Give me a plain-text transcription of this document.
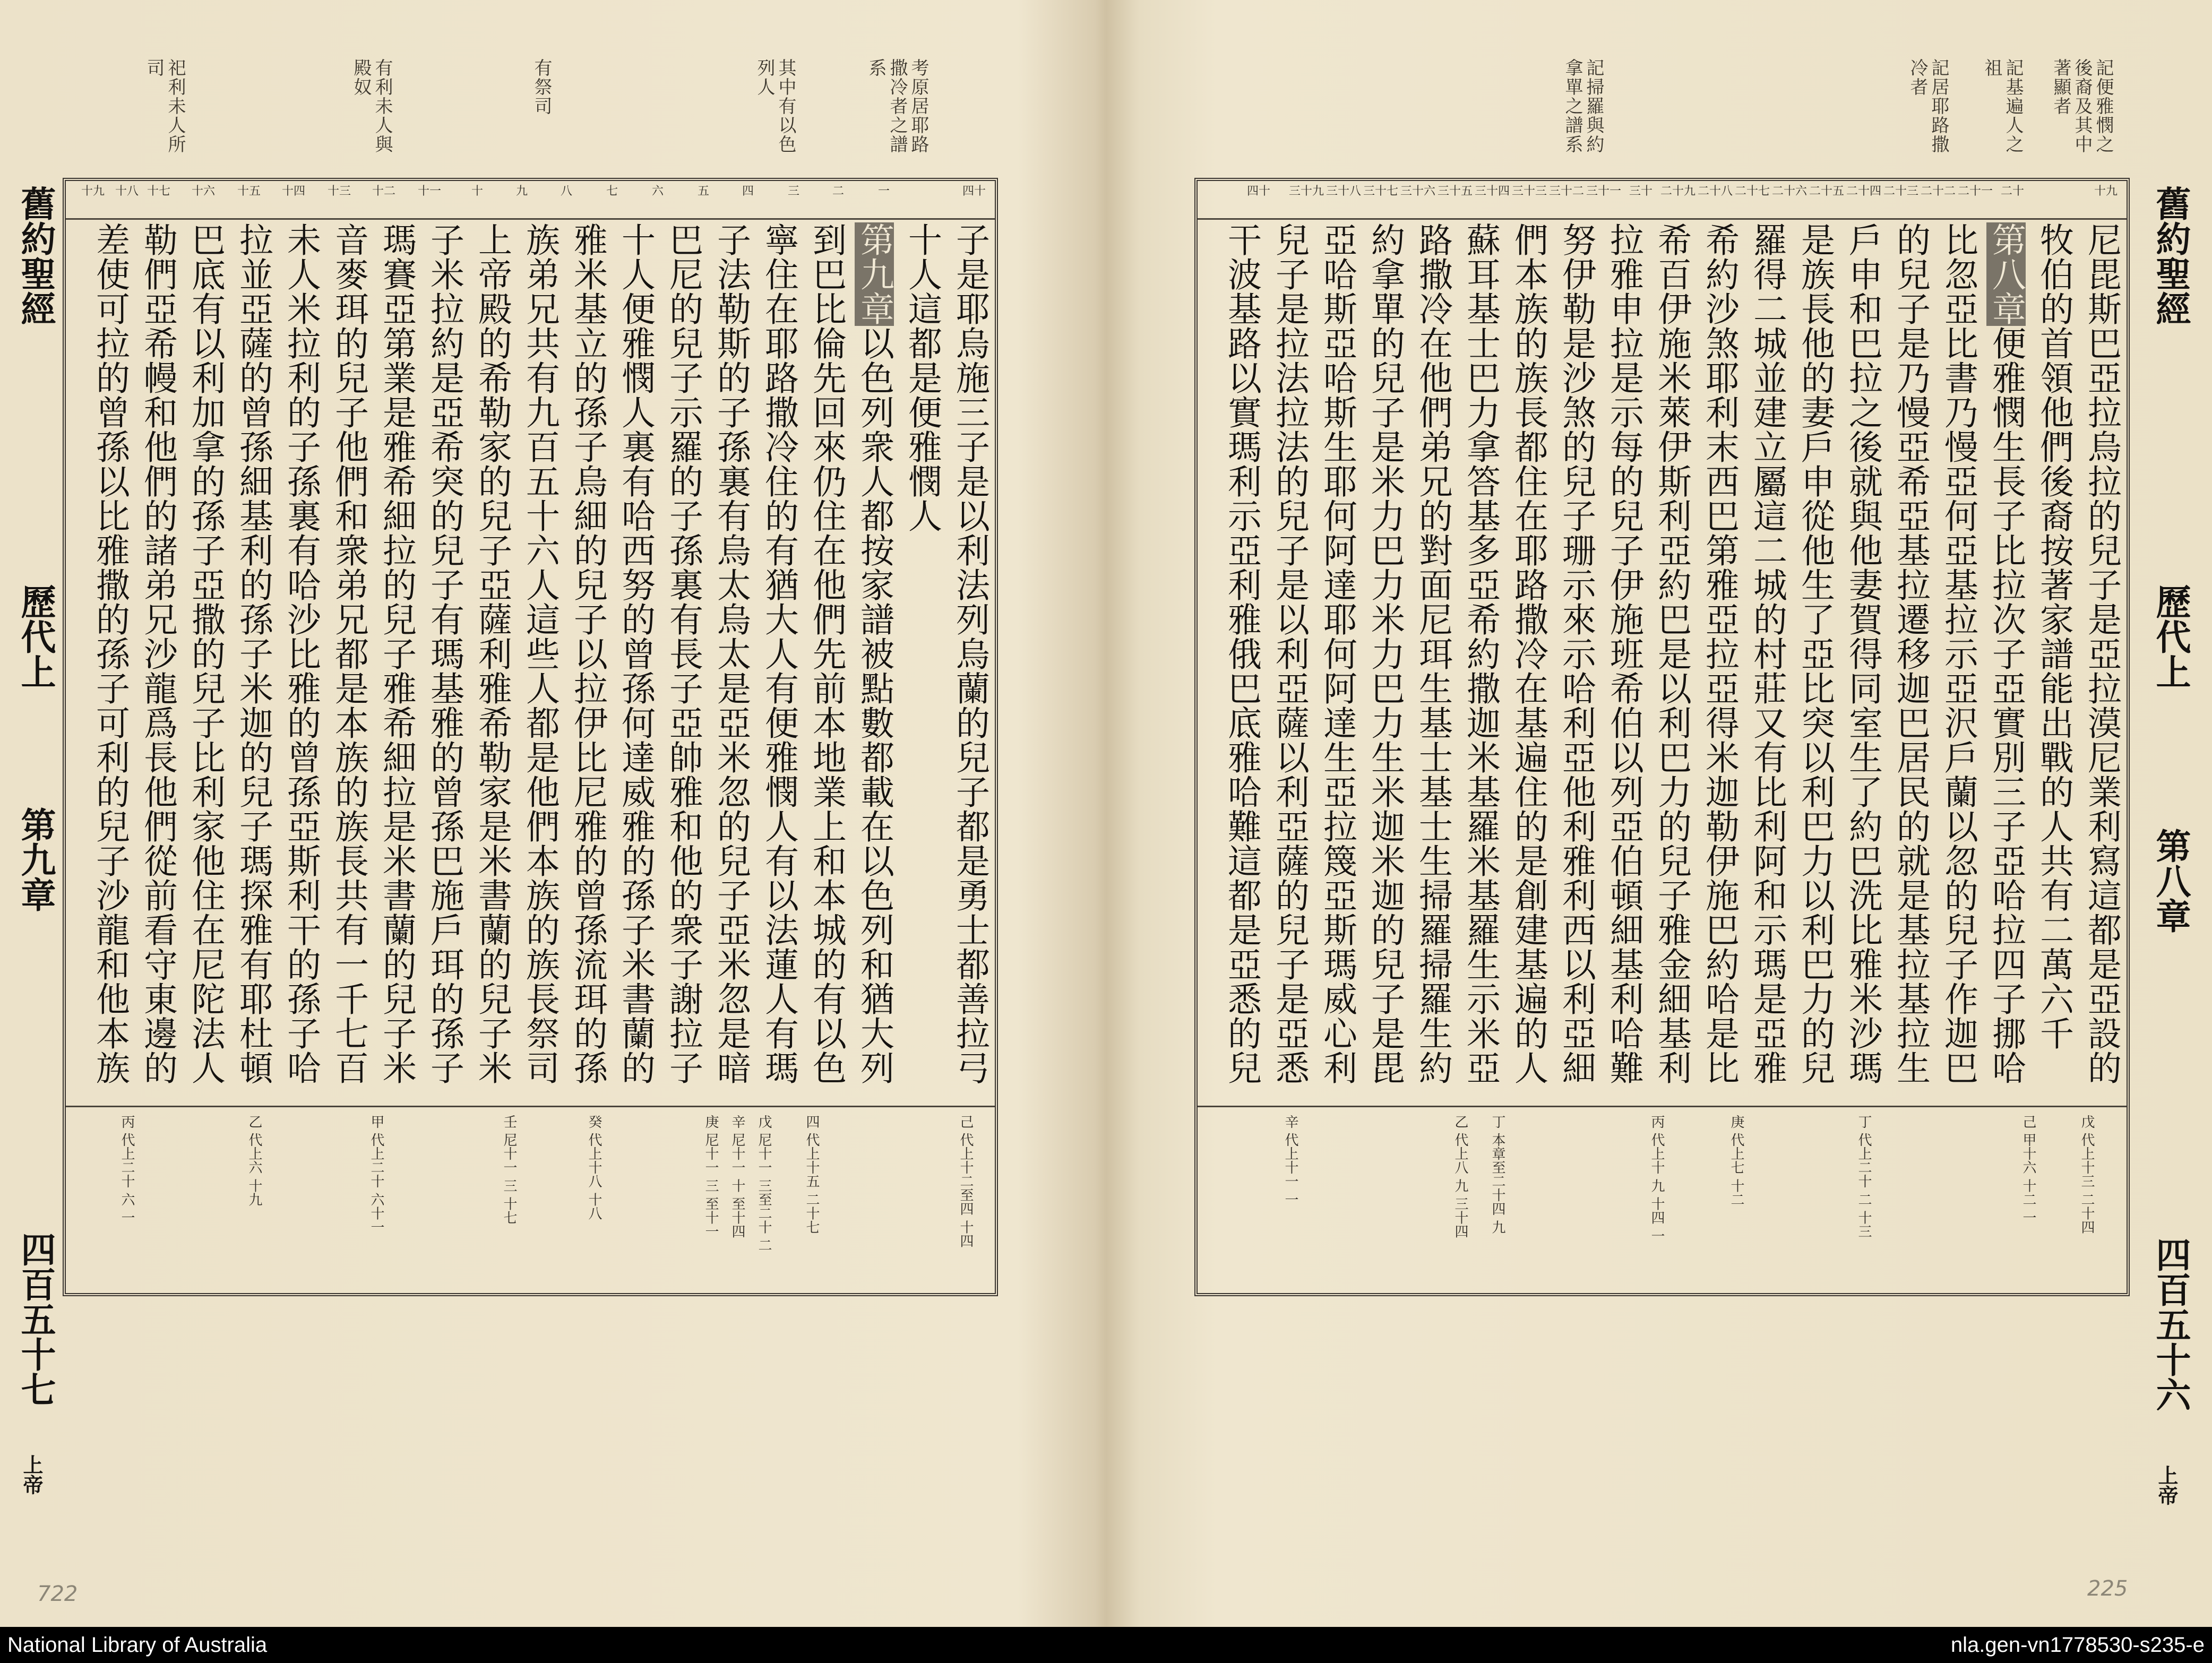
祀利未人所司	有利未人與殿奴	有祭司	其中有以色列人	考原居耶路撒冷者之譜系
四十
一
二
三
四
五
六
七
八
九
十
十一
十二
十三
十四
十五
十六
十七
十八
十九
子是耶烏施三子是以利法列烏蘭的兒子都是勇士都善拉弓
十人這都是便雅憫人
第九章以色列衆人都按家譜被點數都載在以色列和猶大列
到巴比倫先回來仍住在他們先前本地業上和本城的有以色
寧住在耶路撒冷住的有猶大人有便雅憫人有以法蓮人有瑪
子法勒斯的子孫裏有烏太烏太是亞米忽的兒子亞米忽是暗
巴尼的兒子示羅的子孫裏有長子亞帥雅和他的衆子謝拉子
十人便雅憫人裏有哈西努的曾孫何達威雅的孫子米書蘭的
雅米基立的孫子烏細的兒子以拉伊比尼雅的曾孫流珥的孫
族弟兄共有九百五十六人這些人都是他們本族的族長祭司
上帝殿的希勒家的兒子亞薩利雅希勒家是米書蘭的兒子米
子米拉約是亞希突的兒子有瑪基雅的曾孫巴施戶珥的孫子
瑪賽亞第業是雅希細拉的兒子雅希細拉是米書蘭的兒子米
音麥珥的兒子他們和衆弟兄都是本族的族長共有一千七百
未人米拉利的子孫裏有哈沙比雅的曾孫亞斯利干的孫子哈
拉並亞薩的曾孫細基利的孫子米迦的兒子瑪探雅有耶杜頓
巴底有以利加拿的孫子亞撒的兒子比利家他住在尼陀法人
勒們亞希幔和他們的諸弟兄沙龍爲長他們從前看守東邊的
差使可拉的曾孫以比雅撒的孫子可利的兒子沙龍和他本族
己 代上十二至四 十四
四 代上十五 二十七
戊 尼十一 三至二十 二
辛 尼十一 十 至十四
庚 尼十一 三 至十一
癸 代上十八 十八
壬 尼十一 三 十七
甲 代上二十 六十一
乙 代上六 十九
丙 代上二十 六 一
舊約聖經
歷代上
第九章
四百五十七
上帝
722
記掃羅與約拿單之譜系	記居耶路撒冷者	記基遍人之祖	記便雅憫之後裔及其中著顯者
十九
二十
二十一
二十二
二十三
二十四
二十五
二十六
二十七
二十八
二十九
三十
三十一
三十二
三十三
三十四
三十五
三十六
三十七
三十八
三十九
四十
尼毘斯巴亞拉烏拉的兒子是亞拉漠尼業利寫這都是亞設的
牧伯的首領他們後裔按著家譜能出戰的人共有二萬六千
第八章便雅憫生長子比拉次子亞實別三子亞哈拉四子挪哈
比忽亞比書乃慢亞何亞基拉示亞沢戶蘭以忽的兒子作迦巴
的兒子是乃慢亞希亞基拉遷移迦巴居民的就是基拉基拉生
戶申和巴拉之後就與他妻賀得同室生了約巴洗比雅米沙瑪
是族長他的妻戶申從他生了亞比突以利巴力以利巴力的兒
羅得二城並建立屬這二城的村莊又有比利阿和示瑪是亞雅
希約沙煞耶利末西巴第雅亞拉亞得米迦勒伊施巴約哈是比
希百伊施米萊伊斯利亞約巴是以利巴力的兒子雅金細基利
拉雅申拉是示每的兒子伊施班希伯以列亞伯頓細基利哈難
努伊勒是沙煞的兒子珊示來示哈利亞他利雅利西以利亞細
們本族的族長都住在耶路撒冷在基遍住的是創建基遍的人
蘇耳基士巴力拿答基多亞希約撒迦米基羅米基羅生示米亞
路撒冷在他們弟兄的對面尼珥生基士基士生掃羅掃羅生約
約拿單的兒子是米力巴力米力巴力生米迦米迦的兒子是毘
亞哈斯亞哈斯生耶何阿達耶何阿達生亞拉篾亞斯瑪威心利
兒子是拉法拉法的兒子是以利亞薩以利亞薩的兒子是亞悉
干波基路以實瑪利示亞利雅俄巴底雅哈難這都是亞悉的兒
戊 代上十三 二十四
己 甲十六 十二 一
丁 代上二十 二 十三
庚 代上七 十二
丙 代上十 九 十四 一
丁 本章至二十四 九
乙 代上八 九 三十四
辛 代上十一 一
舊約聖經
歷代上
第八章
四百五十六
上帝
225
National Library of Australia	nla.gen-vn1778530-s235-e
